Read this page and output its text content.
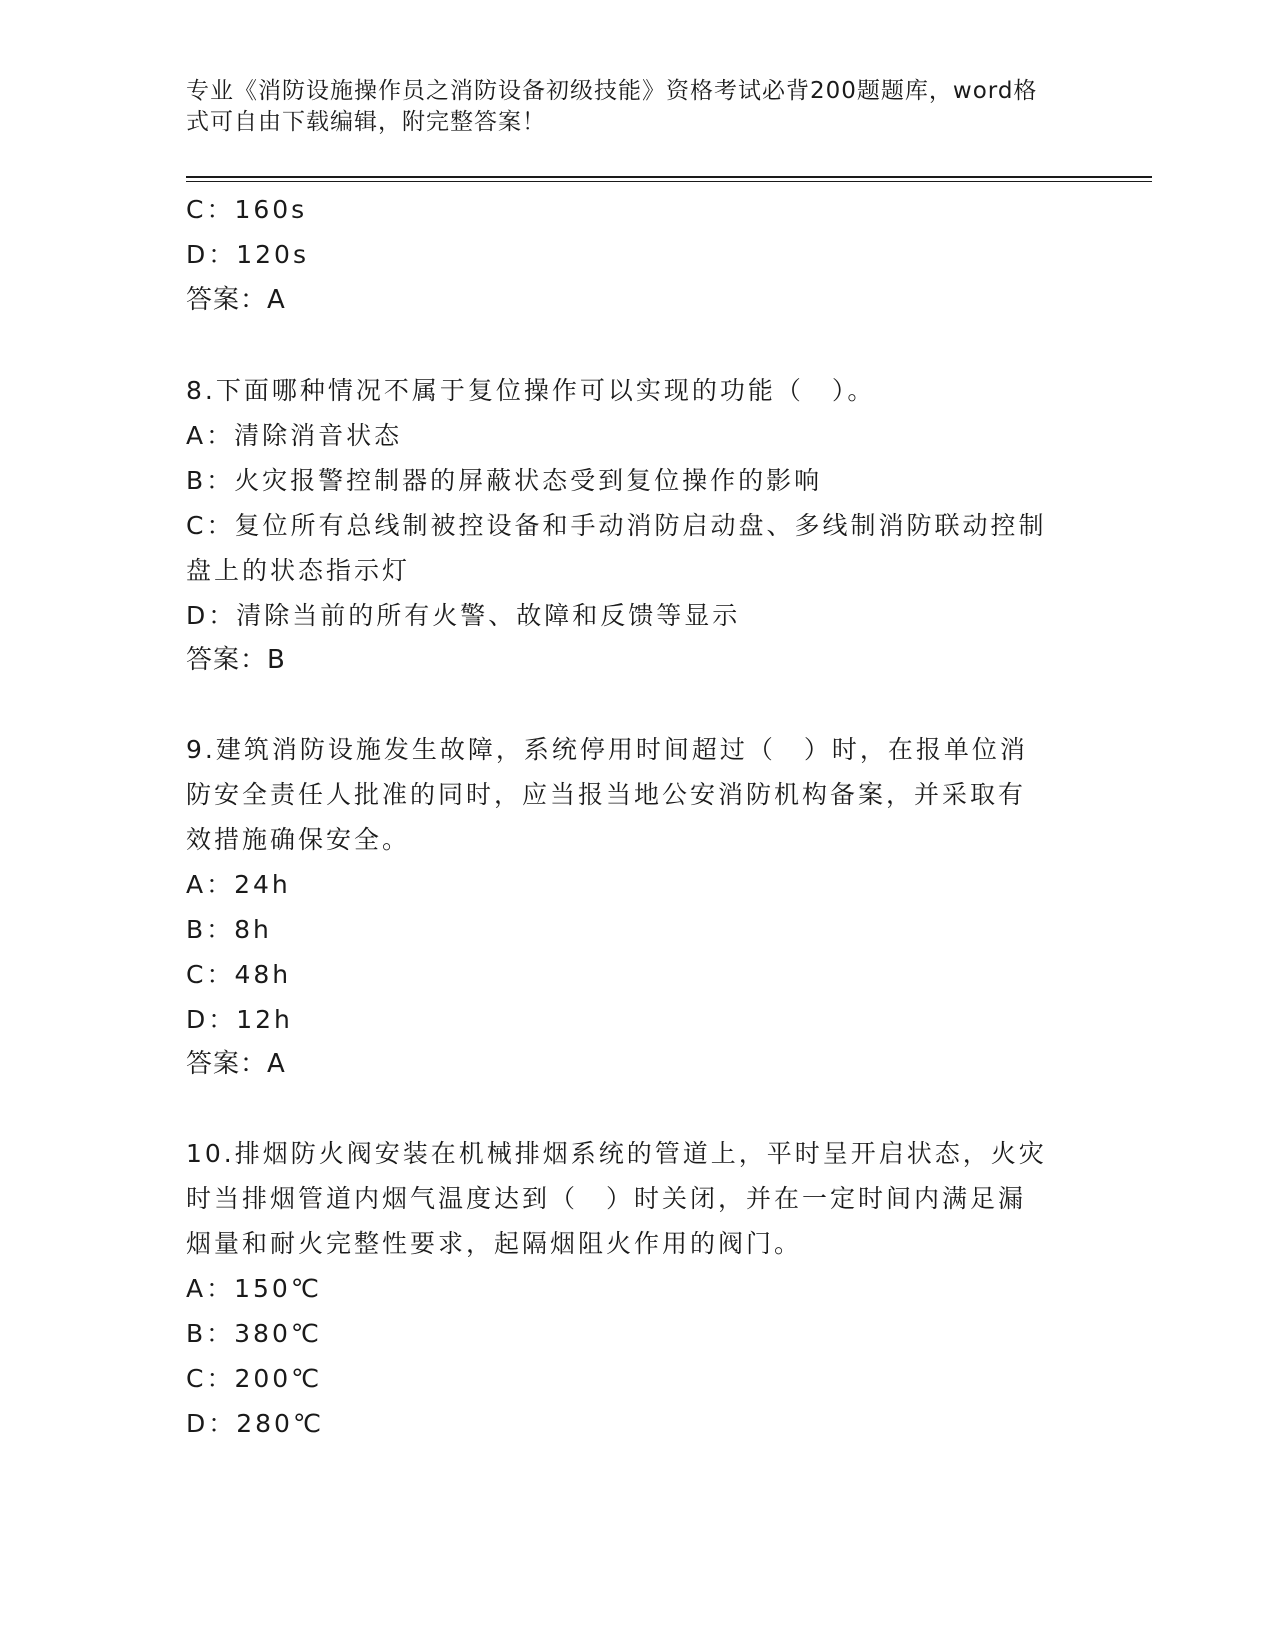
专业《消防设施操作员之消防设备初级技能》资格考试必背200题题库，word格
式可自由下载编辑，附完整答案！
C：160s
D：120s
答案：A
8.下面哪种情况不属于复位操作可以实现的功能（　）。
A：清除消音状态
B：火灾报警控制器的屏蔽状态受到复位操作的影响
C：复位所有总线制被控设备和手动消防启动盘、多线制消防联动控制
盘上的状态指示灯
D：清除当前的所有火警、故障和反馈等显示
答案：B
9.建筑消防设施发生故障，系统停用时间超过（　）时，在报单位消
防安全责任人批准的同时，应当报当地公安消防机构备案，并采取有
效措施确保安全。
A：24h
B：8h
C：48h
D：12h
答案：A
10.排烟防火阀安装在机械排烟系统的管道上，平时呈开启状态，火灾
时当排烟管道内烟气温度达到（　）时关闭，并在一定时间内满足漏
烟量和耐火完整性要求，起隔烟阻火作用的阀门。
A：150℃
B：380℃
C：200℃
D：280℃
